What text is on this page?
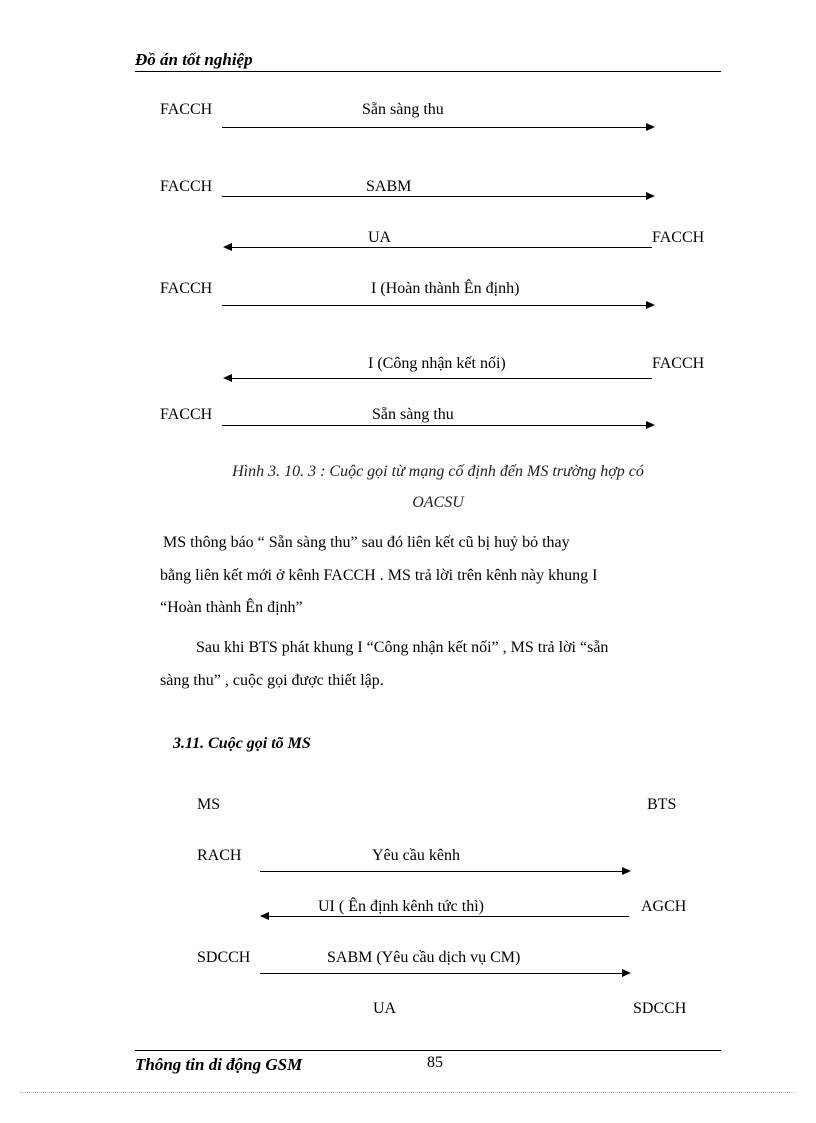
Đồ án tốt nghiệp
FACCH	Sẵn sàng thu
FACCH	SABM
UA	FACCH
FACCH	I (Hoàn thành Ên định)
I (Công nhận kết nối)	FACCH
FACCH	Sẵn sàng thu
Hình 3. 10. 3 : Cuộc gọi từ mạng cố định đến MS trường hợp có
OACSU
MS thông báo “ Sẵn sàng thu” sau đó liên kết cũ bị huỷ bỏ thay
bằng liên kết mới ở kênh FACCH . MS trả lời trên kênh này khung I
“Hoàn thành Ên định”
Sau khi BTS phát khung I “Công nhận kết nối” , MS trả lời “sẵn
sàng thu” , cuộc gọi được thiết lập.
3.11. Cuộc gọi tõ MS
MS	BTS
RACH	Yêu cầu kênh
UI ( Ên định kênh tức thì)	AGCH
SDCCH	SABM (Yêu cầu dịch vụ CM)
UA	SDCCH
Thông tin di động GSM	85
